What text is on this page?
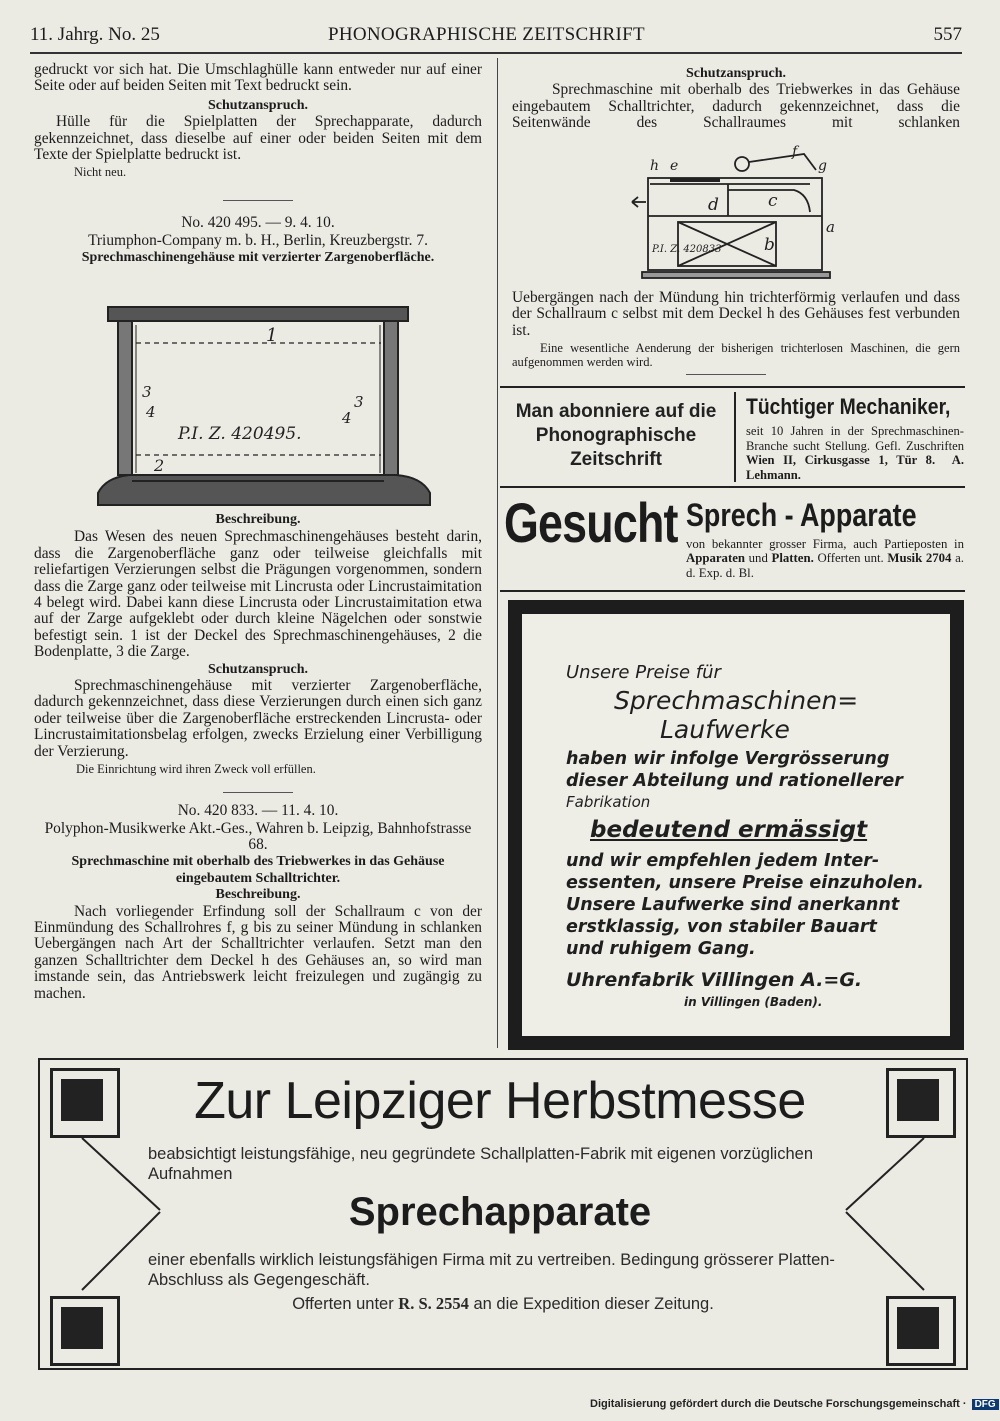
11. Jahrg. No. 25	PHONOGRAPHISCHE ZEITSCHRIFT	557

gedruckt vor sich hat. Die Umschlaghülle kann entweder nur auf einer Seite oder auf beiden Seiten mit Text bedruckt sein.

Schutzanspruch.

Hülle für die Spielplatten der Sprechapparate, dadurch gekennzeichnet, dass dieselbe auf einer oder beiden Seiten mit dem Texte der Spielplatte bedruckt ist.

Nicht neu.

No. 420 495. — 9. 4. 10.

Triumphon-Company m. b. H., Berlin, Kreuzbergstr. 7.

Sprechmaschinengehäuse mit verzierter Zargenoberfläche.

1
2
3
4
3
4
P.I. Z. 420495.

Beschreibung.

Das Wesen des neuen Sprechmaschinengehäuses besteht darin, dass die Zargenoberfläche ganz oder teilweise gleichfalls mit reliefartigen Verzierungen selbst die Prägungen vorgenommen, sondern dass die Zarge ganz oder teilweise mit Lincrusta oder Lincrustaimitation 4 belegt wird. Dabei kann diese Lincrusta oder Lincrustaimitation etwa auf der Zarge aufgeklebt oder durch kleine Nägelchen oder sonstwie befestigt sein. 1 ist der Deckel des Sprechmaschinengehäuses, 2 die Bodenplatte, 3 die Zarge.

Schutzanspruch.

Sprechmaschinengehäuse mit verzierter Zargenoberfläche, dadurch gekennzeichnet, dass diese Verzierungen durch einen sich ganz oder teilweise über die Zargenoberfläche erstreckenden Lincrusta- oder Lincrustaimitationsbelag erfolgen, zwecks Erzielung einer Verbilligung der Verzierung.

Die Einrichtung wird ihren Zweck voll erfüllen.

No. 420 833. — 11. 4. 10.

Polyphon-Musikwerke Akt.-Ges., Wahren b. Leipzig, Bahnhofstrasse 68.

Sprechmaschine mit oberhalb des Triebwerkes in das Gehäuse eingebautem Schalltrichter.

Beschreibung.

Nach vorliegender Erfindung soll der Schallraum c von der Einmündung des Schallrohres f, g bis zu seiner Mündung in schlanken Uebergängen nach Art der Schalltrichter verlaufen. Setzt man den ganzen Schalltrichter dem Deckel h des Gehäuses an, so wird man imstande sein, das Antriebswerk leicht freizulegen und zugängig zu machen.

Schutzanspruch.

Sprechmaschine mit oberhalb des Triebwerkes in das Gehäuse eingebautem Schalltrichter, dadurch gekennzeichnet, dass die Seitenwände des Schallraumes mit schlanken

h e
f
g
d	c
b
a
P.I. Z. 420833

Uebergängen nach der Mündung hin trichterförmig verlaufen und dass der Schallraum c selbst mit dem Deckel h des Gehäuses fest verbunden ist.

Eine wesentliche Aenderung der bisherigen trichterlosen Maschinen, die gern aufgenommen werden wird.

Man abonniere auf die
Phonographische
Zeitschrift
Tüchtiger Mechaniker,

seit 10 Jahren in der Sprechmaschinen-Branche sucht Stellung. Gefl. Zuschriften Wien II, Cirkusgasse 1, Tür 8. A. Lehmann.

Gesucht Sprech - Apparate

von bekannter grosser Firma, auch Partieposten in Apparaten und Platten. Offerten unt. Musik 2704 a. d. Exp. d. Bl.

Unsere Preise für
Sprechmaschinen=
Laufwerke
haben wir infolge Vergrösserung
dieser Abteilung und rationellerer
Fabrikation
bedeutend ermässigt
und wir empfehlen jedem Inter-
essenten, unsere Preise einzuholen.
Unsere Laufwerke sind anerkannt
erstklassig, von stabiler Bauart
und ruhigem Gang.
Uhrenfabrik Villingen A.=G.
in Villingen (Baden).
Zur Leipziger Herbstmesse
beabsichtigt leistungsfähige, neu gegründete Schallplatten-Fabrik mit eigenen vorzüglichen Aufnahmen
Sprechapparate
einer ebenfalls wirklich leistungsfähigen Firma mit zu vertreiben. Bedingung grösserer Platten-Abschluss als Gegengeschäft.
Offerten unter R. S. 2554 an die Expedition dieser Zeitung.
Digitalisierung gefördert durch die Deutsche Forschungsgemeinschaft · DFG
